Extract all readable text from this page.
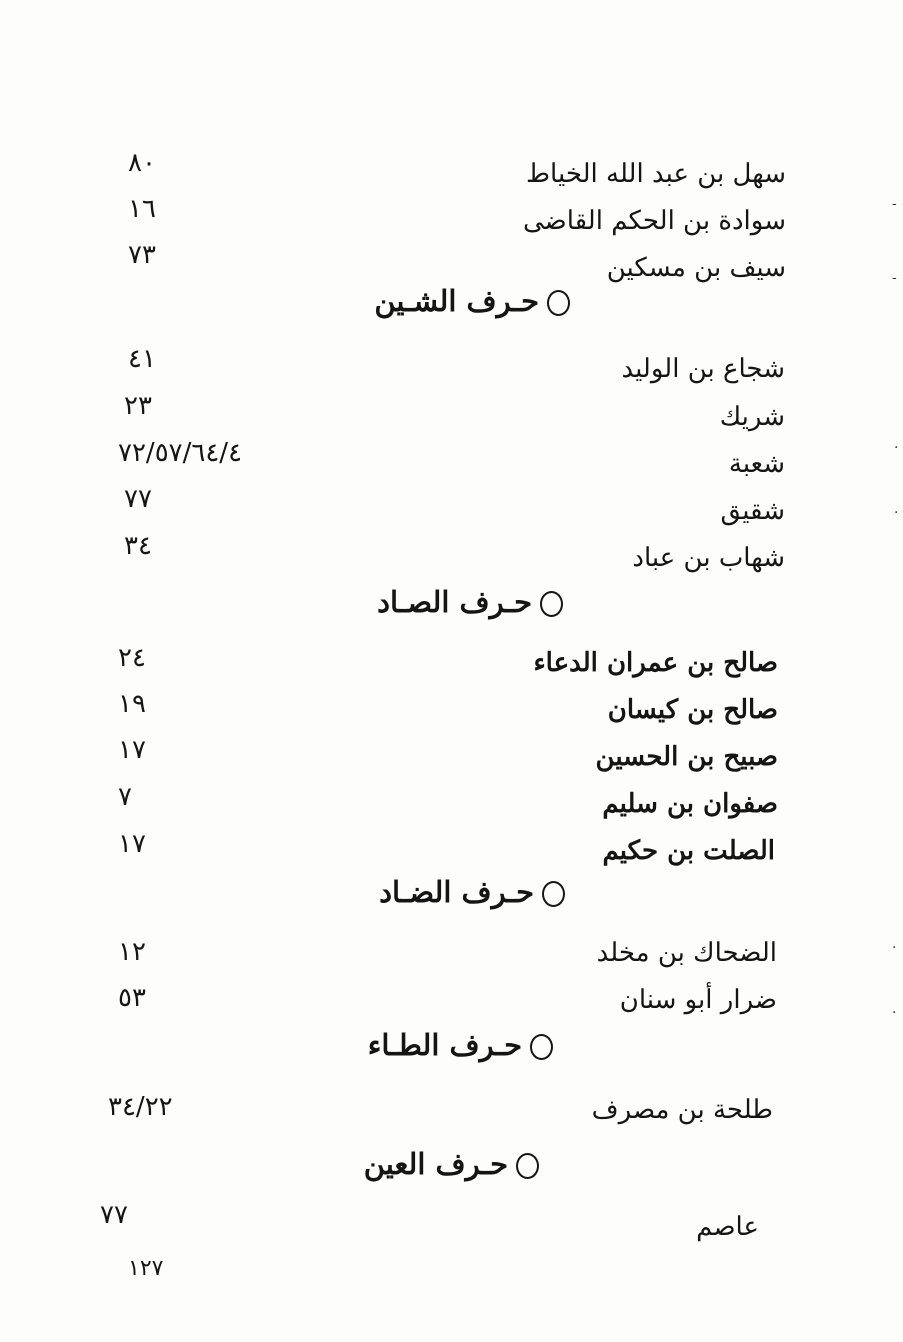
سهل بن عبد الله الخياط
٨٠
سوادة بن الحكم القاضى
١٦
سيف بن مسكين
٧٣
حـرف الشـين
شجاع بن الوليد
٤١
شريك
٢٣
شعبة
٧٢/٥٧/٦٤/٤
شقيق
٧٧
شهاب بن عباد
٣٤
حـرف الصـاد
صالح بن عمران الدعاء
٢٤
صالح بن كيسان
١٩
صبيح بن الحسين
١٧
صفوان بن سليم
٧
الصلت بن حكيم
١٧
حـرف الضـاد
الضحاك بن مخلد
١٢
ضرار أبو سنان
٥٣
حـرف الطـاء
طلحة بن مصرف
٣٤/٢٢
حـرف العين
عاصم
٧٧
١٢٧
-
-
·
·
·
·
